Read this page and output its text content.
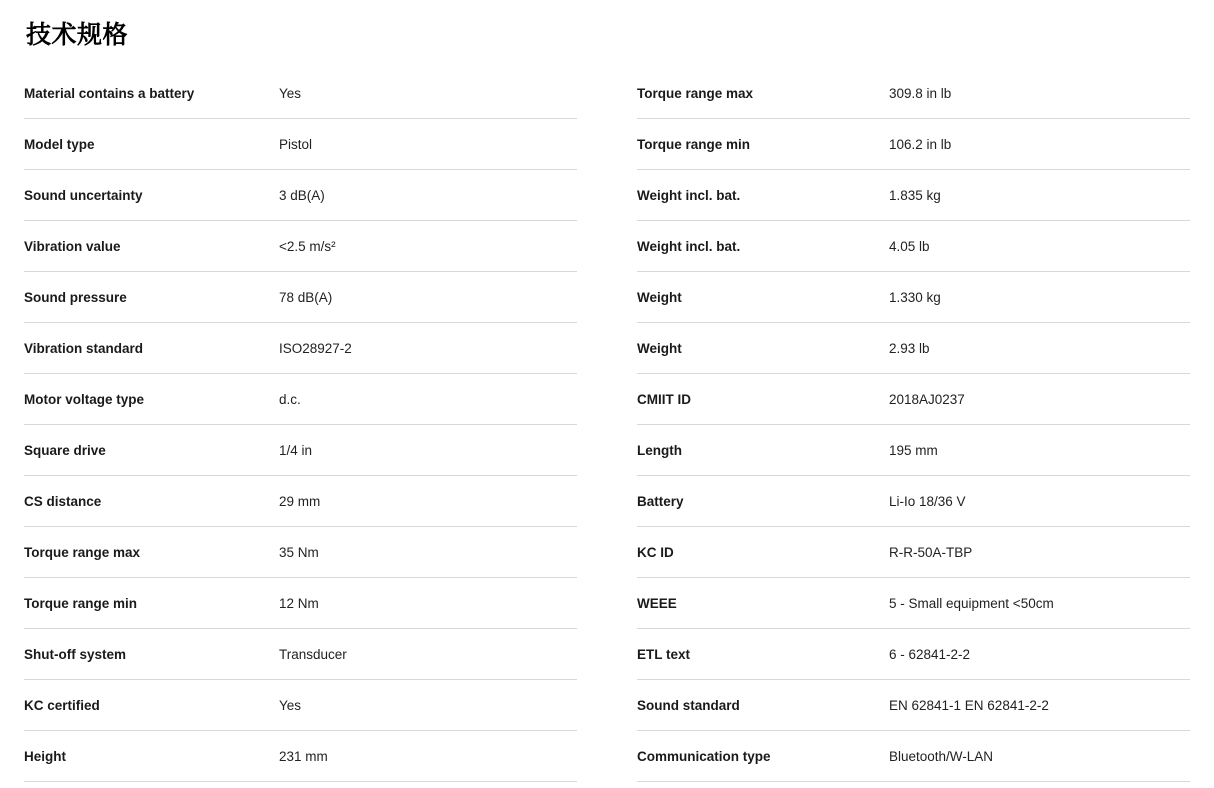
技术规格
Material contains a battery	Yes
Model type	Pistol
Sound uncertainty	3 dB(A)
Vibration value	<2.5 m/s²
Sound pressure	78 dB(A)
Vibration standard	ISO28927-2
Motor voltage type	d.c.
Square drive	1/4 in
CS distance	29 mm
Torque range max	35 Nm
Torque range min	12 Nm
Shut-off system	Transducer
KC certified	Yes
Height	231 mm
Torque range max	309.8 in lb
Torque range min	106.2 in lb
Weight incl. bat.	1.835 kg
Weight incl. bat.	4.05 lb
Weight	1.330 kg
Weight	2.93 lb
CMIIT ID	2018AJ0237
Length	195 mm
Battery	Li-Io 18/36 V
KC ID	R-R-50A-TBP
WEEE	5 - Small equipment <50cm
ETL text	6 - 62841-2-2
Sound standard	EN 62841-1 EN 62841-2-2
Communication type	Bluetooth/W-LAN
